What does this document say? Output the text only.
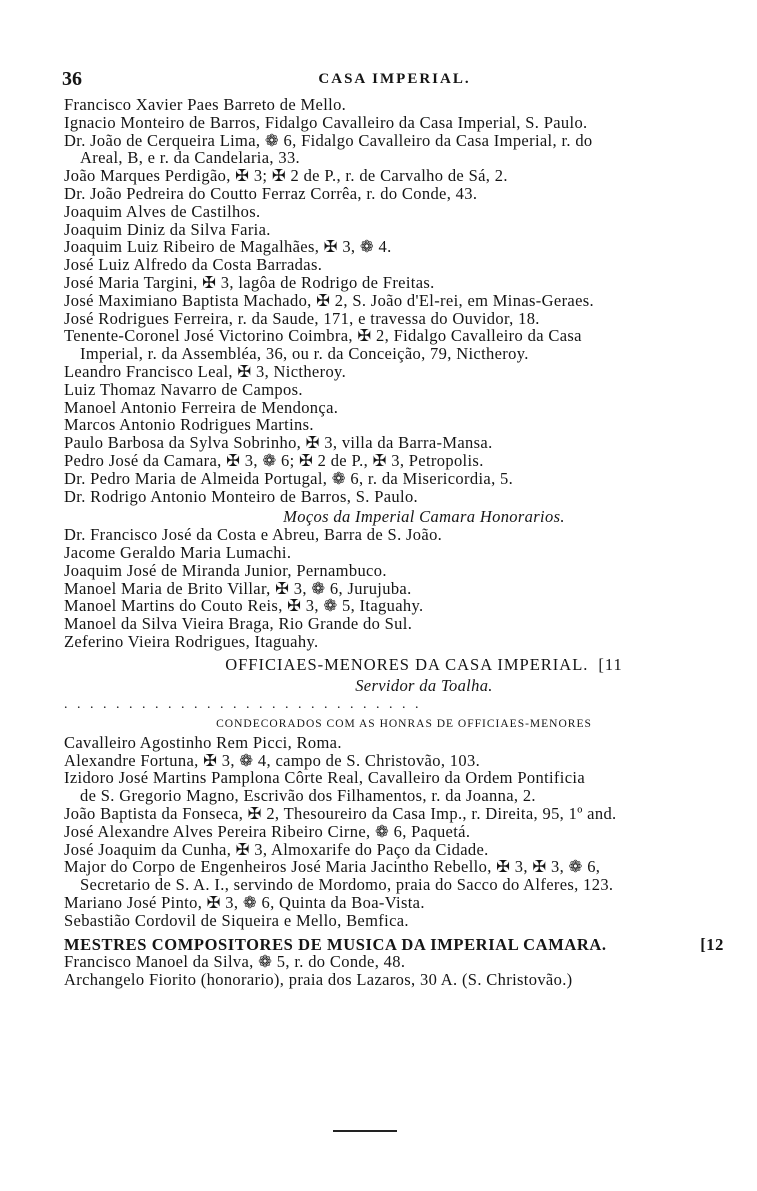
36	CASA IMPERIAL.
Francisco Xavier Paes Barreto de Mello.
Ignacio Monteiro de Barros, Fidalgo Cavalleiro da Casa Imperial, S. Paulo.
Dr. João de Cerqueira Lima, ❁ 6, Fidalgo Cavalleiro da Casa Imperial, r. do
Areal, B, e r. da Candelaria, 33.
João Marques Perdigão, ✠ 3; ✠ 2 de P., r. de Carvalho de Sá, 2.
Dr. João Pedreira do Coutto Ferraz Corrêa, r. do Conde, 43.
Joaquim Alves de Castilhos.
Joaquim Diniz da Silva Faria.
Joaquim Luiz Ribeiro de Magalhães, ✠ 3, ❁ 4.
José Luiz Alfredo da Costa Barradas.
José Maria Targini, ✠ 3, lagôa de Rodrigo de Freitas.
José Maximiano Baptista Machado, ✠ 2, S. João d'El-rei, em Minas-Geraes.
José Rodrigues Ferreira, r. da Saude, 171, e travessa do Ouvidor, 18.
Tenente-Coronel José Victorino Coimbra, ✠ 2, Fidalgo Cavalleiro da Casa
Imperial, r. da Assembléa, 36, ou r. da Conceição, 79, Nictheroy.
Leandro Francisco Leal, ✠ 3, Nictheroy.
Luiz Thomaz Navarro de Campos.
Manoel Antonio Ferreira de Mendonça.
Marcos Antonio Rodrigues Martins.
Paulo Barbosa da Sylva Sobrinho, ✠ 3, villa da Barra-Mansa.
Pedro José da Camara, ✠ 3, ❁ 6; ✠ 2 de P., ✠ 3, Petropolis.
Dr. Pedro Maria de Almeida Portugal, ❁ 6, r. da Misericordia, 5.
Dr. Rodrigo Antonio Monteiro de Barros, S. Paulo.
Moços da Imperial Camara Honorarios.
Dr. Francisco José da Costa e Abreu, Barra de S. João.
Jacome Geraldo Maria Lumachi.
Joaquim José de Miranda Junior, Pernambuco.
Manoel Maria de Brito Villar, ✠ 3, ❁ 6, Jurujuba.
Manoel Martins do Couto Reis, ✠ 3, ❁ 5, Itaguahy.
Manoel da Silva Vieira Braga, Rio Grande do Sul.
Zeferino Vieira Rodrigues, Itaguahy.
OFFICIAES-MENORES DA CASA IMPERIAL. [11
Servidor da Toalha.
. . . . . . . . . . . . . . . . . . . . . . . . . . . .
CONDECORADOS COM AS HONRAS DE OFFICIAES-MENORES
Cavalleiro Agostinho Rem Picci, Roma.
Alexandre Fortuna, ✠ 3, ❁ 4, campo de S. Christovão, 103.
Izidoro José Martins Pamplona Côrte Real, Cavalleiro da Ordem Pontificia
de S. Gregorio Magno, Escrivão dos Filhamentos, r. da Joanna, 2.
João Baptista da Fonseca, ✠ 2, Thesoureiro da Casa Imp., r. Direita, 95, 1º and.
José Alexandre Alves Pereira Ribeiro Cirne, ❁ 6, Paquetá.
José Joaquim da Cunha, ✠ 3, Almoxarife do Paço da Cidade.
Major do Corpo de Engenheiros José Maria Jacintho Rebello, ✠ 3, ✠ 3, ❁ 6,
Secretario de S. A. I., servindo de Mordomo, praia do Sacco do Alferes, 123.
Mariano José Pinto, ✠ 3, ❁ 6, Quinta da Boa-Vista.
Sebastião Cordovil de Siqueira e Mello, Bemfica.
MESTRES COMPOSITORES DE MUSICA DA IMPERIAL CAMARA.	[12
Francisco Manoel da Silva, ❁ 5, r. do Conde, 48.
Archangelo Fiorito (honorario), praia dos Lazaros, 30 A. (S. Christovão.)
